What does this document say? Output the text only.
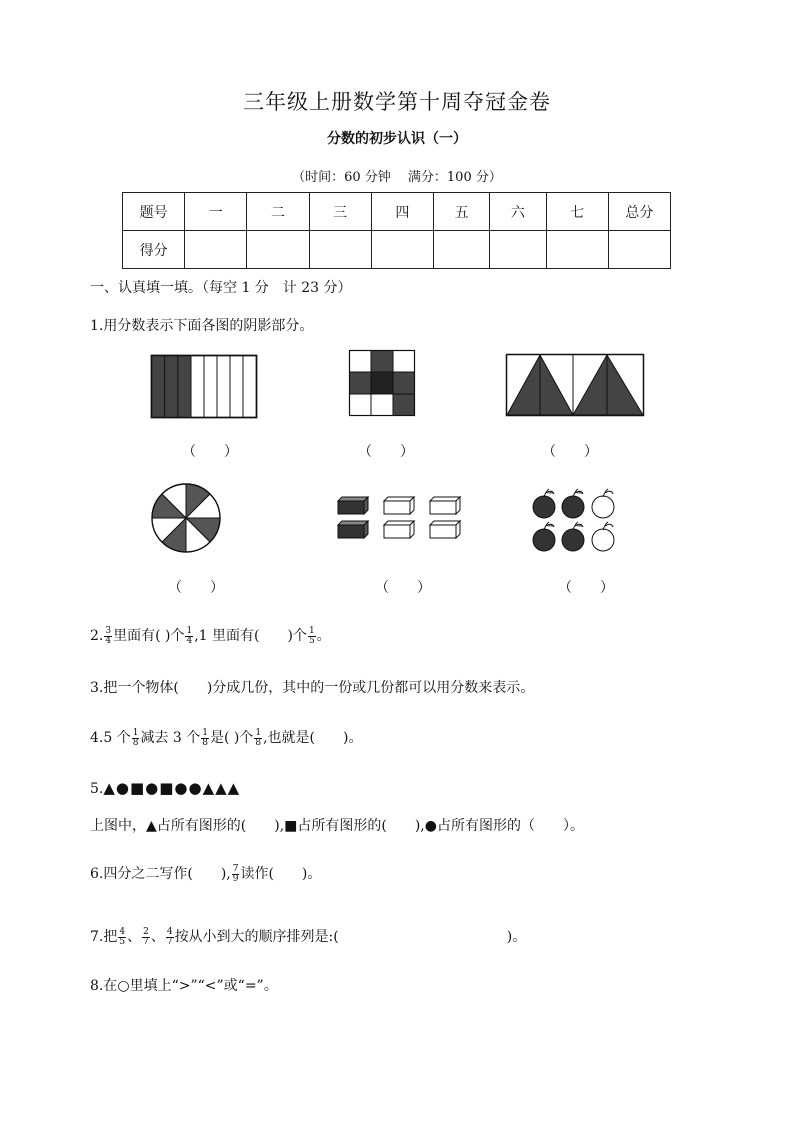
三年级上册数学第十周夺冠金卷
分数的初步认识（一）
（时间：60 分钟　 满分：100 分）
题号	一	二	三	四	五	六	七	总分
得分								
一、认真填一填。（每空 1 分　计 23 分）
1.用分数表示下面各图的阴影部分。
（　　）	（　　）	（　　）
（　　）	（　　）	（　　）
2. $\frac{3}{4}$ 里面有( )个 $\frac{1}{4} ,1$ 里面有(　　)个 $\frac{1}{5}$ 。
3.把一个物体(　　)分成几份，其中的一份或几份都可以用分数来表示。
4.5 个 $\frac{1}{8}$ 减去 3 个 $\frac{1}{8}$ 是( )个 $\frac{1}{8}$ ,也就是(　　)。
5.▲●■●■●●▲▲▲
上图中，▲占所有图形的(　　),■占所有图形的(　　),●占所有图形的（　　）。
6.四分之二写作(　　), $\frac{7}{9}$ 读作(　　)。
7.把 $\frac{4}{5}$ 、 $\frac{2}{7}$ 、 $\frac{4}{7}$ 按从小到大的顺序排列是:(　　　　　　　　　　　　)。
8.在○里填上“>”“<”或“=”。
